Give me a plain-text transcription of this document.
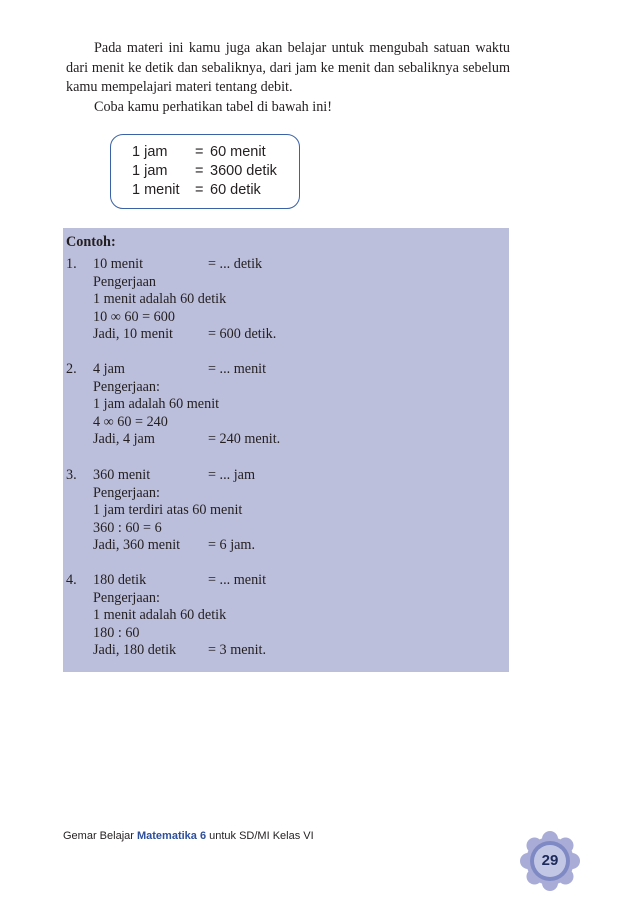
Pada materi ini kamu juga akan belajar untuk mengubah satuan waktu dari menit ke detik dan sebaliknya, dari jam ke menit dan sebaliknya sebelum kamu mempelajari materi tentang debit.

Coba kamu perhatikan tabel di bawah ini!

1 jam = 60 menit
1 jam = 3600 detik
1 menit = 60 detik
Contoh:
1. 10 menit	= ... detik
Pengerjaan
1 menit adalah 60 detik
10 ∞ 60 = 600
Jadi, 10 menit = 600 detik.
2. 4 jam	= ... menit
Pengerjaan:
1 jam adalah 60 menit
4 ∞ 60 = 240
Jadi, 4 jam	= 240 menit.
3. 360 menit	= ... jam
Pengerjaan:
1 jam terdiri atas 60 menit
360 : 60 = 6
Jadi, 360 menit = 6 jam.
4. 180 detik	= ... menit
Pengerjaan:
1 menit adalah 60 detik
180 : 60
Jadi, 180 detik = 3 menit.
Gemar Belajar Matematika 6 untuk SD/MI Kelas VI
29
